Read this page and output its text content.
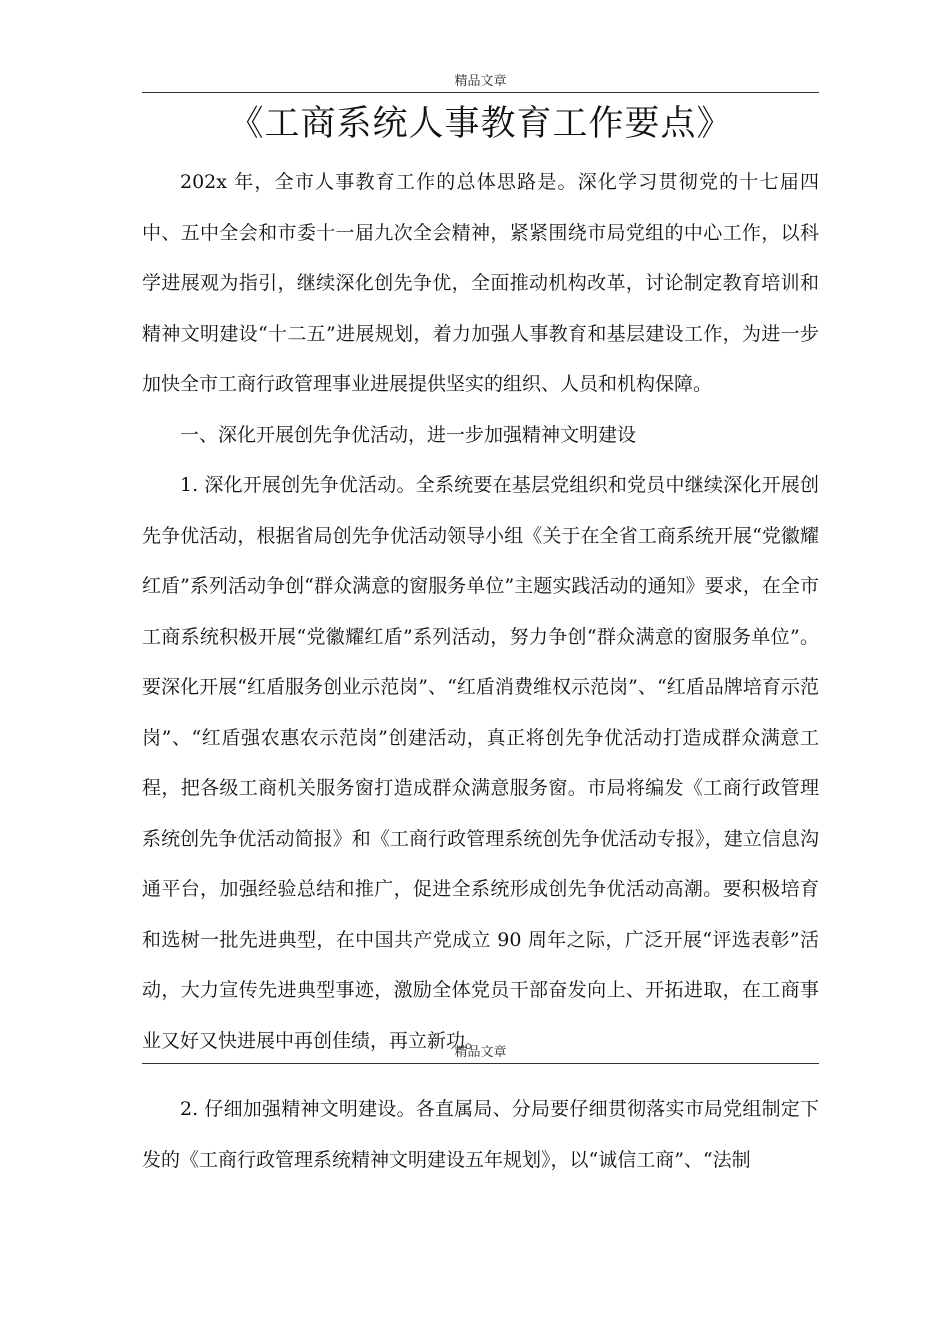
精品文章
《工商系统人事教育工作要点》

202x 年，全市人事教育工作的总体思路是。深化学习贯彻党的十七届四中、五中全会和市委十一届九次全会精神，紧紧围绕市局党组的中心工作，以科学进展观为指引，继续深化创先争优，全面推动机构改革，讨论制定教育培训和精神文明建设“十二五”进展规划，着力加强人事教育和基层建设工作，为进一步加快全市工商行政管理事业进展提供坚实的组织、人员和机构保障。

一、深化开展创先争优活动，进一步加强精神文明建设

1. 深化开展创先争优活动。全系统要在基层党组织和党员中继续深化开展创先争优活动，根据省局创先争优活动领导小组《关于在全省工商系统开展“党徽耀红盾”系列活动争创“群众满意的窗服务单位”主题实践活动的通知》要求，在全市工商系统积极开展“党徽耀红盾”系列活动，努力争创“群众满意的窗服务单位”。要深化开展“红盾服务创业示范岗”、“红盾消费维权示范岗”、“红盾品牌培育示范岗”、“红盾强农惠农示范岗”创建活动，真正将创先争优活动打造成群众满意工程，把各级工商机关服务窗打造成群众满意服务窗。市局将编发《工商行政管理系统创先争优活动简报》和《工商行政管理系统创先争优活动专报》，建立信息沟通平台，加强经验总结和推广，促进全系统形成创先争优活动高潮。要积极培育和选树一批先进典型，在中国共产党成立 90 周年之际，广泛开展“评选表彰”活动，大力宣传先进典型事迹，激励全体党员干部奋发向上、开拓进取，在工商事业又好又快进展中再创佳绩，再立新功。

精品文章

2. 仔细加强精神文明建设。各直属局、分局要仔细贯彻落实市局党组制定下发的《工商行政管理系统精神文明建设五年规划》，以“诚信工商”、“法制
